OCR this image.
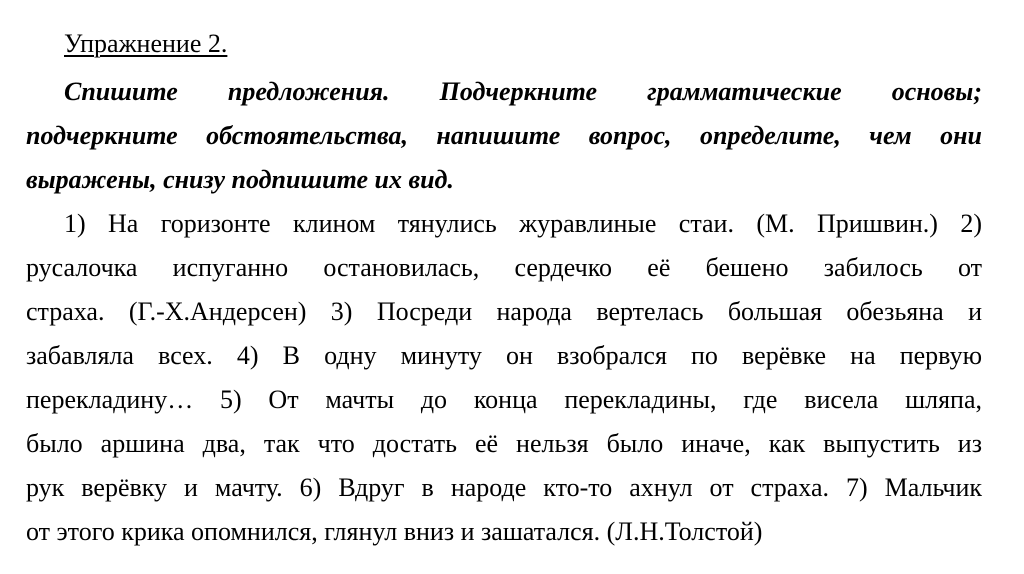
Упражнение 2.
Спишите предложения. Подчеркните грамматические основы;
подчеркните обстоятельства, напишите вопрос, определите, чем они
выражены, снизу подпишите их вид.
1) На горизонте клином тянулись журавлиные стаи. (М. Пришвин.) 2)
русалочка испуганно остановилась, сердечко её бешено забилось от
страха. (Г.-Х.Андерсен) 3) Посреди народа вертелась большая обезьяна и
забавляла всех. 4) В одну минуту он взобрался по верёвке на первую
перекладину… 5) От мачты до конца перекладины, где висела шляпа,
было аршина два, так что достать её нельзя было иначе, как выпустить из
рук верёвку и мачту. 6) Вдруг в народе кто-то ахнул от страха. 7) Мальчик
от этого крика опомнился, глянул вниз и зашатался. (Л.Н.Толстой)
